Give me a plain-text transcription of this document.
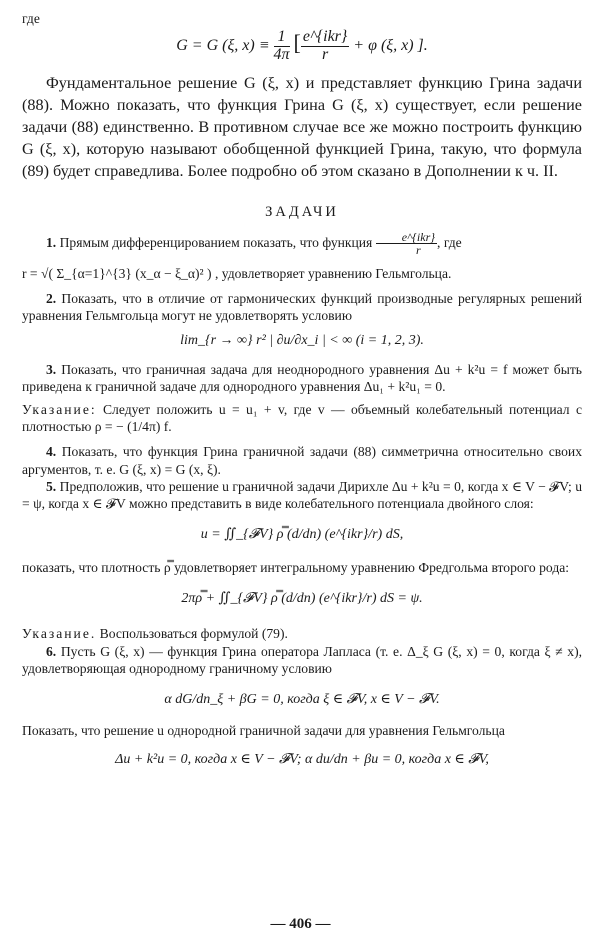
где

G = G (ξ, $x) \equiv \frac{1}{4\pi}$ [ $\frac{\text{e\textasciicircum{}\{ikr\}}}{r} + \varphi$ (ξ, x) ].

Фундаментальное решение G (ξ, x) и представляет функцию Грина задачи (88). Можно показать, что функция Грина G (ξ, x) существует, если решение задачи (88) единственно. В противном случае все же можно построить функцию G (ξ, x), которую называют обобщенной функцией Грина, такую, что формула (89) будет справедлива. Более подробно об этом сказано в Дополнении к ч. II.

ЗАДАЧИ

1. Прямым дифференцированием показать, что функция $\frac{\text{e\textasciicircum{}\{ikr\}}}{r}$ , где

r = √( Σ_{α=1}^{3} (x_α − ξ_α)² ) , удовлетворяет уравнению Гельмгольца.

2. Показать, что в отличие от гармонических функций производные регулярных решений уравнения Гельмгольца могут не удовлетворять условию

lim_{r → ∞} r² | ∂u/∂x_i | < ∞ (i = 1, 2, 3).

3. Показать, что граничная задача для неоднородного уравнения Δu + k²u = f может быть приведена к граничной задаче для однородного уравнения Δu₁ + k²u₁ = 0.

Указание: Следует положить u = u₁ + v, где v — объемный колебательный потенциал с плотностью ρ = − (1/4π) f.

4. Показать, что функция Грина граничной задачи (88) симметрична относительно своих аргументов, т. е. G (ξ, x) = G (x, ξ).

5. Предположив, что решение u граничной задачи Дирихле Δu + k²u = 0, когда x ∈ V − 𝓕V; u = ψ, когда x ∈ 𝓕V можно представить в виде колебательного потенциала двойного слоя:

u = ∬_{𝓕V} ρ̿ (d/dn) (e^{ikr}/r) dS,

показать, что плотность ρ̿ удовлетворяет интегральному уравнению Фредгольма второго рода:

2πρ̿ + ∬_{𝓕V} ρ̿ (d/dn) (e^{ikr}/r) dS = ψ.

Указание. Воспользоваться формулой (79).

6. Пусть G (ξ, x) — функция Грина оператора Лапласа (т. е. Δ_ξ G (ξ, x) = 0, когда ξ ≠ x), удовлетворяющая однородному граничному условию

α dG/dn_ξ + βG = 0, когда ξ ∈ 𝓕V, x ∈ V − 𝓕V.

Показать, что решение u однородной граничной задачи для уравнения Гельмгольца

Δu + k²u = 0, когда x ∈ V − 𝓕V; α du/dn + βu = 0, когда x ∈ 𝓕V,

— 406 —
